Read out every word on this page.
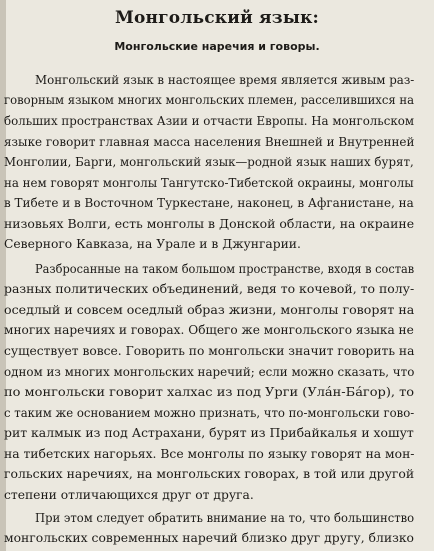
Монгольский язык:
Монгольские наречия и говоры.
Монгольский язык в настоящее время является живым раз-
говорным языком многих монгольских племен, расселившихся на
больших пространствах Азии и отчасти Европы. На монгольском
языке говорит главная масса населения Внешней и Внутренней
Монголии, Барги, монгольский язык—родной язык наших бурят,
на нем говорят монголы Тангутско-Тибетской окраины, монголы
в Тибете и в Восточном Туркестане, наконец, в Афганистане, на
низовьях Волги, есть монголы в Донской области, на окраине
Северного Кавказа, на Урале и в Джунгарии.
Разбросанные на таком большом пространстве, входя в состав
разных политических объединений, ведя то кочевой, то полу-
оседлый и совсем оседлый образ жизни, монголы говорят на
многих наречиях и говорах. Общего же монгольского языка не
существует вовсе. Говорить по монгольски значит говорить на
одном из многих монгольских наречий; если можно сказать, что
по монгольски говорит халхас из под Урги (Улáн-Бáгор), то
с таким же основанием можно признать, что по-монгольски гово-
рит калмык из под Астрахани, бурят из Прибайкалья и хошут
на тибетских нагорьях. Все монголы по языку говорят на мон-
гольских наречиях, на монгольских говорах, в той или другой
степени отличающихся друг от друга.
При этом следует обратить внимание на то, что большинство
монгольских современных наречий близко друг другу, близко
